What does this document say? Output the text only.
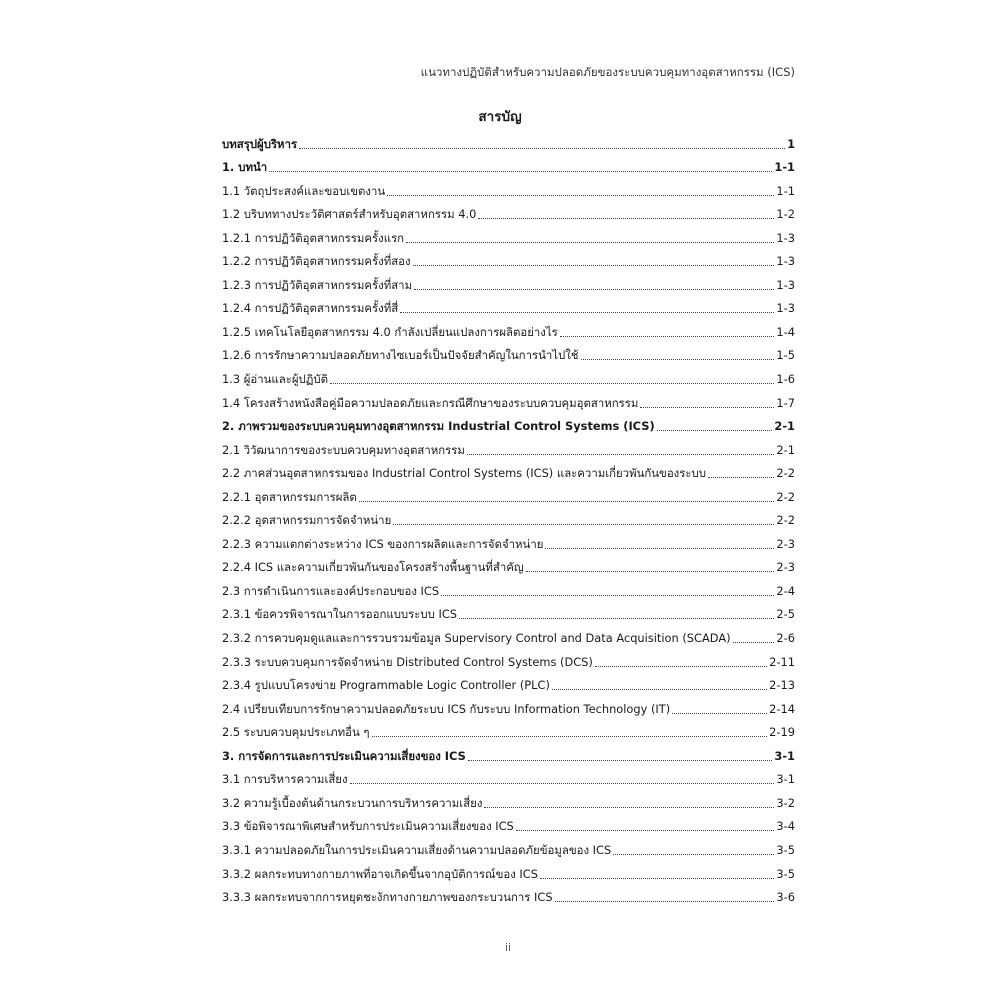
แนวทางปฏิบัติสำหรับความปลอดภัยของระบบควบคุมทางอุตสาหกรรม (ICS)
สารบัญ
บทสรุปผู้บริหาร	1
1. บทนำ	1-1
1.1 วัตถุประสงค์และขอบเขตงาน	1-1
1.2 บริบททางประวัติศาสตร์สำหรับอุตสาหกรรม 4.0	1-2
1.2.1 การปฏิวัติอุตสาหกรรมครั้งแรก	1-3
1.2.2 การปฏิวัติอุตสาหกรรมครั้งที่สอง	1-3
1.2.3 การปฏิวัติอุตสาหกรรมครั้งที่สาม	1-3
1.2.4 การปฏิวัติอุตสาหกรรมครั้งที่สี่	1-3
1.2.5 เทคโนโลยีอุตสาหกรรม 4.0 กำลังเปลี่ยนแปลงการผลิตอย่างไร	1-4
1.2.6 การรักษาความปลอดภัยทางไซเบอร์เป็นปัจจัยสำคัญในการนำไปใช้	1-5
1.3 ผู้อ่านและผู้ปฏิบัติ	1-6
1.4 โครงสร้างหนังสือคู่มือความปลอดภัยและกรณีศึกษาของระบบควบคุมอุตสาหกรรม	1-7
2. ภาพรวมของระบบควบคุมทางอุตสาหกรรม Industrial Control Systems (ICS)	2-1
2.1 วิวัฒนาการของระบบควบคุมทางอุตสาหกรรม	2-1
2.2 ภาคส่วนอุตสาหกรรมของ Industrial Control Systems (ICS) และความเกี่ยวพันกันของระบบ	2-2
2.2.1 อุตสาหกรรมการผลิต	2-2
2.2.2 อุตสาหกรรมการจัดจำหน่าย	2-2
2.2.3 ความแตกต่างระหว่าง ICS ของการผลิตและการจัดจำหน่าย	2-3
2.2.4 ICS และความเกี่ยวพันกันของโครงสร้างพื้นฐานที่สำคัญ	2-3
2.3 การดำเนินการและองค์ประกอบของ ICS	2-4
2.3.1 ข้อควรพิจารณาในการออกแบบระบบ ICS	2-5
2.3.2 การควบคุมดูแลและการรวบรวมข้อมูล Supervisory Control and Data Acquisition (SCADA)	2-6
2.3.3 ระบบควบคุมการจัดจำหน่าย Distributed Control Systems (DCS)	2-11
2.3.4 รูปแบบโครงข่าย Programmable Logic Controller (PLC)	2-13
2.4 เปรียบเทียบการรักษาความปลอดภัยระบบ ICS กับระบบ Information Technology (IT)	2-14
2.5 ระบบควบคุมประเภทอื่น ๆ	2-19
3. การจัดการและการประเมินความเสี่ยงของ ICS	3-1
3.1 การบริหารความเสี่ยง	3-1
3.2 ความรู้เบื้องต้นด้านกระบวนการบริหารความเสี่ยง	3-2
3.3 ข้อพิจารณาพิเศษสำหรับการประเมินความเสี่ยงของ ICS	3-4
3.3.1 ความปลอดภัยในการประเมินความเสี่ยงด้านความปลอดภัยข้อมูลของ ICS	3-5
3.3.2 ผลกระทบทางกายภาพที่อาจเกิดขึ้นจากอุบัติการณ์ของ ICS	3-5
3.3.3 ผลกระทบจากการหยุดชะงักทางกายภาพของกระบวนการ ICS	3-6
ii
